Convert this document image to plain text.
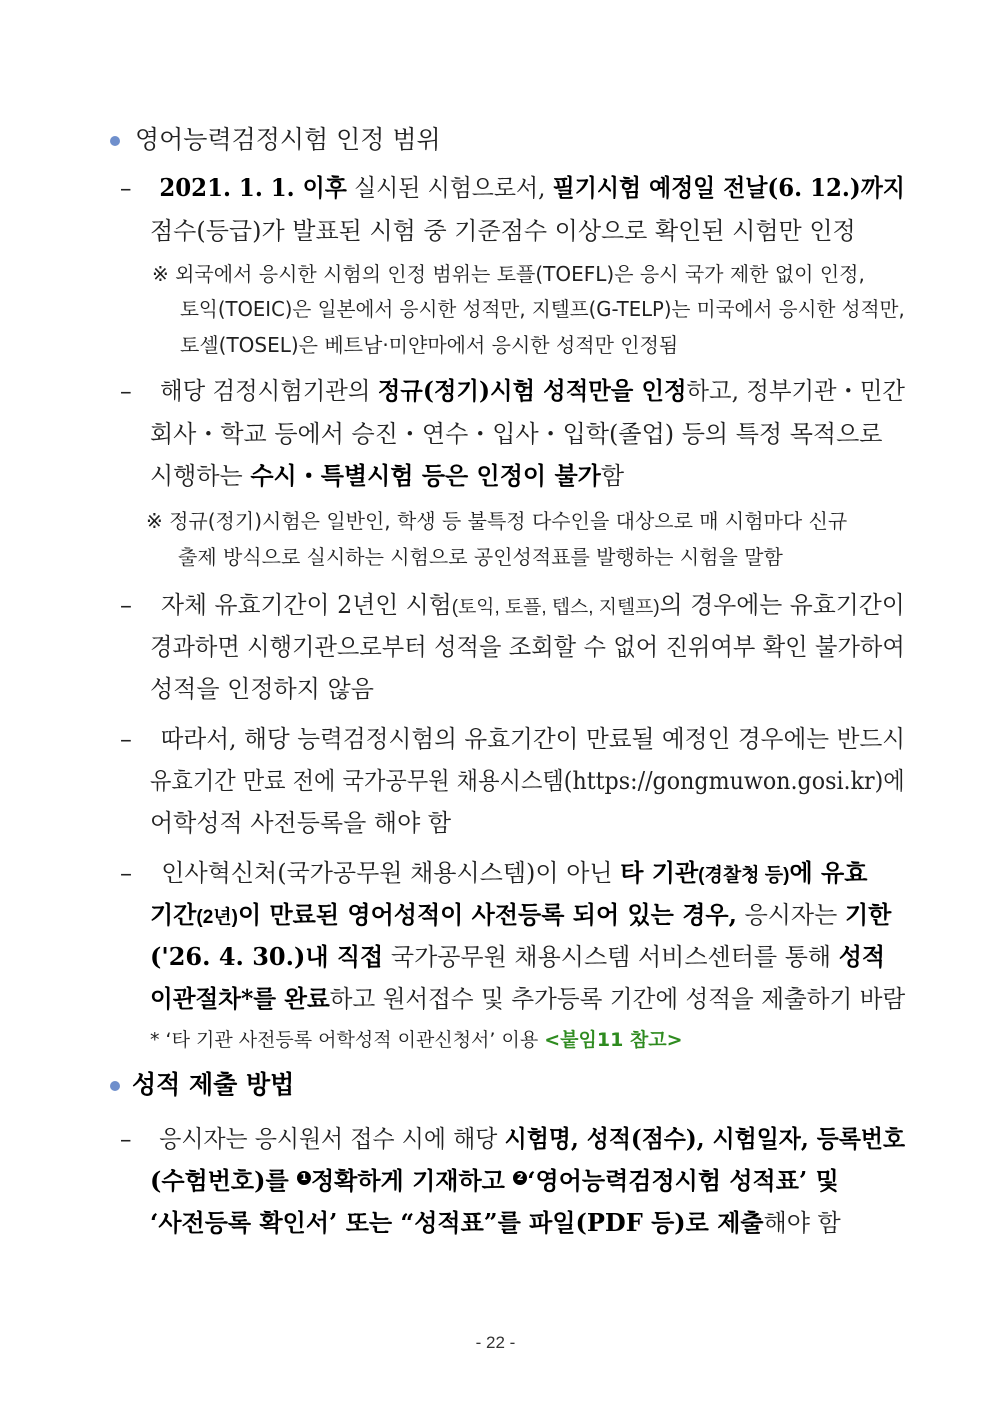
영어능력검정시험 인정 범위
– 2021. 1. 1. 이후 실시된 시험으로서, 필기시험 예정일 전날(6. 12.)까지
점수(등급)가 발표된 시험 중 기준점수 이상으로 확인된 시험만 인정
※ 외국에서 응시한 시험의 인정 범위는 토플(TOEFL)은 응시 국가 제한 없이 인정,
토익(TOEIC)은 일본에서 응시한 성적만, 지텔프(G-TELP)는 미국에서 응시한 성적만,
토셀(TOSEL)은 베트남·미얀마에서 응시한 성적만 인정됨
– 해당 검정시험기관의 정규(정기)시험 성적만을 인정하고, 정부기관・민간
회사・학교 등에서 승진・연수・입사・입학(졸업) 등의 특정 목적으로
시행하는 수시・특별시험 등은 인정이 불가함
※ 정규(정기)시험은 일반인, 학생 등 불특정 다수인을 대상으로 매 시험마다 신규
출제 방식으로 실시하는 시험으로 공인성적표를 발행하는 시험을 말함
– 자체 유효기간이 2년인 시험(토익, 토플, 텝스, 지텔프)의 경우에는 유효기간이
경과하면 시행기관으로부터 성적을 조회할 수 없어 진위여부 확인 불가하여
성적을 인정하지 않음
– 따라서, 해당 능력검정시험의 유효기간이 만료될 예정인 경우에는 반드시
유효기간 만료 전에 국가공무원 채용시스템(https://gongmuwon.gosi.kr)에
어학성적 사전등록을 해야 함
– 인사혁신처(국가공무원 채용시스템)이 아닌 타 기관(경찰청 등)에 유효
기간(2년)이 만료된 영어성적이 사전등록 되어 있는 경우, 응시자는 기한
('26. 4. 30.)내 직접 국가공무원 채용시스템 서비스센터를 통해 성적
이관절차*를 완료하고 원서접수 및 추가등록 기간에 성적을 제출하기 바람
* ‘타 기관 사전등록 어학성적 이관신청서’ 이용 <붙임11 참고>
성적 제출 방법
– 응시자는 응시원서 접수 시에 해당 시험명, 성적(점수), 시험일자, 등록번호
(수험번호)를 1 정확하게 기재하고 2 ‘영어능력검정시험 성적표’ 및
‘사전등록 확인서’ 또는 “성적표”를 파일(PDF 등)로 제출해야 함
- 22 -
